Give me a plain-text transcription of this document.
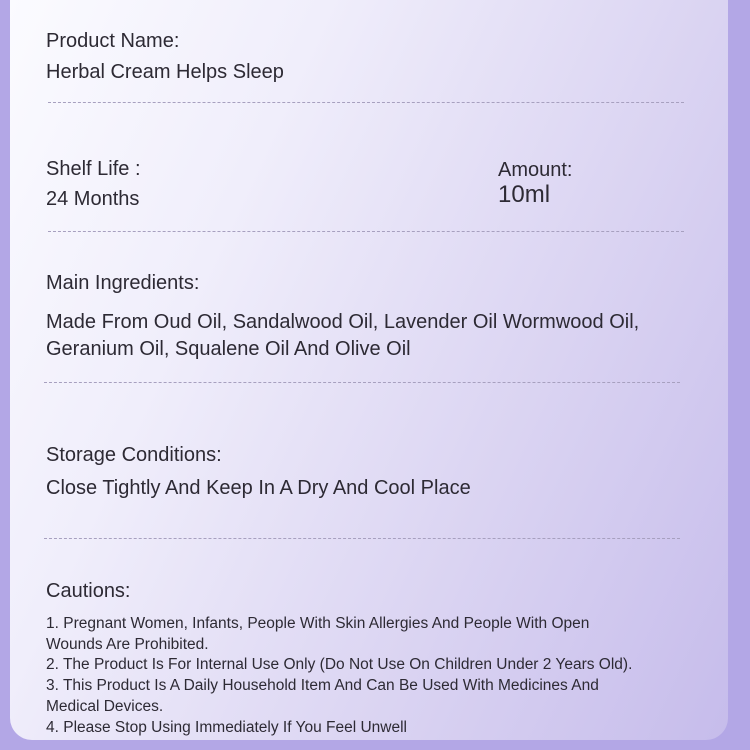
Product Name:
Herbal Cream Helps Sleep
Shelf Life :
24 Months
Amount:
10ml
Main Ingredients:
Made From Oud Oil, Sandalwood Oil, Lavender Oil Wormwood Oil,
Geranium Oil, Squalene Oil And Olive Oil
Storage Conditions:
Close Tightly And Keep In A Dry And Cool Place
Cautions:
1. Pregnant Women, Infants, People With Skin Allergies And People With Open
Wounds Are Prohibited.
2. The Product Is For Internal Use Only (Do Not Use On Children Under 2 Years Old).
3. This Product Is A Daily Household Item And Can Be Used With Medicines And
Medical Devices.
4. Please Stop Using Immediately If You Feel Unwell
